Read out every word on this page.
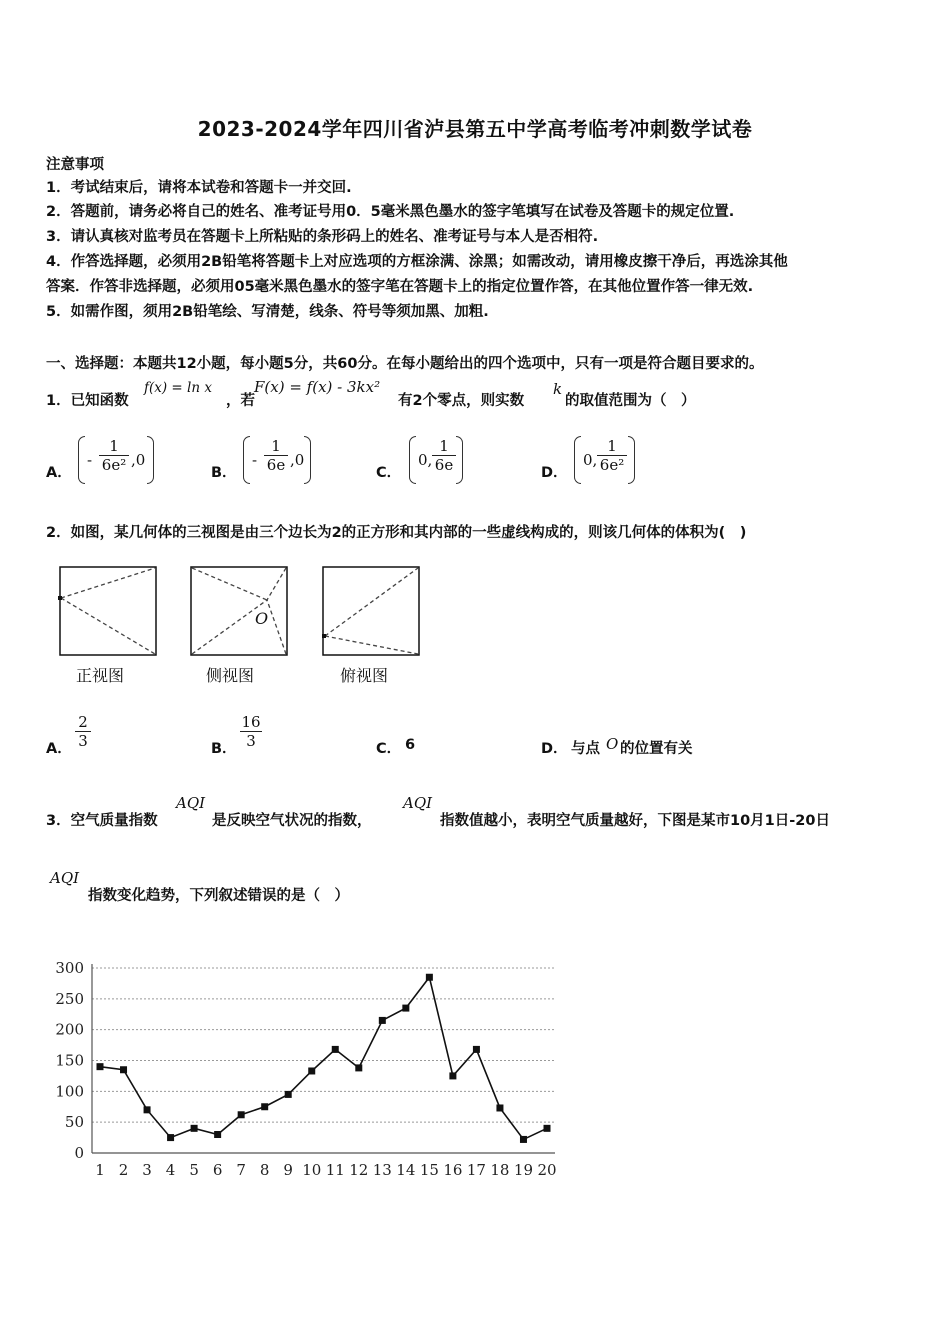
2023-2024学年四川省泸县第五中学高考临考冲刺数学试卷
注意事项
1．考试结束后，请将本试卷和答题卡一并交回.
2．答题前，请务必将自己的姓名、准考证号用0．5毫米黑色墨水的签字笔填写在试卷及答题卡的规定位置.
3．请认真核对监考员在答题卡上所粘贴的条形码上的姓名、准考证号与本人是否相符.
4．作答选择题，必须用2B铅笔将答题卡上对应选项的方框涂满、涂黑；如需改动，请用橡皮擦干净后，再选涂其他
答案．作答非选择题，必须用05毫米黑色墨水的签字笔在答题卡上的指定位置作答，在其他位置作答一律无效.
5．如需作图，须用2B铅笔绘、写清楚，线条、符号等须加黑、加粗.
一、选择题：本题共12小题，每小题5分，共60分。在每小题给出的四个选项中，只有一项是符合题目要求的。
1．已知函数
f(x) = ln x
，若
F(x) = f(x) - 3kx²
有2个零点，则实数
k
的取值范围为（　）
A．
-
1
6e² ,0
B．
-
1
6e ,0
C．
0,
1
6e	D．
0,
1
6e²
2．如图，某几何体的三视图是由三个边长为2的正方形和其内部的一些虚线构成的，则该几何体的体积为(　)
正视图
O
侧视图	俯视图
A．
2
3	B．
16
3	C． 6	D． 与点 O 的位置有关
3．空气质量指数
AQI
是反映空气状况的指数，
AQI
指数值越小，表明空气质量越好，下图是某市10月1日-20日
AQI
指数变化趋势，下列叙述错误的是（　）
300
250
200
150
100
50
0
1 2 3 4 5 6 7 8 9 10 11 12 13 14 15 16 17 18 19 20
